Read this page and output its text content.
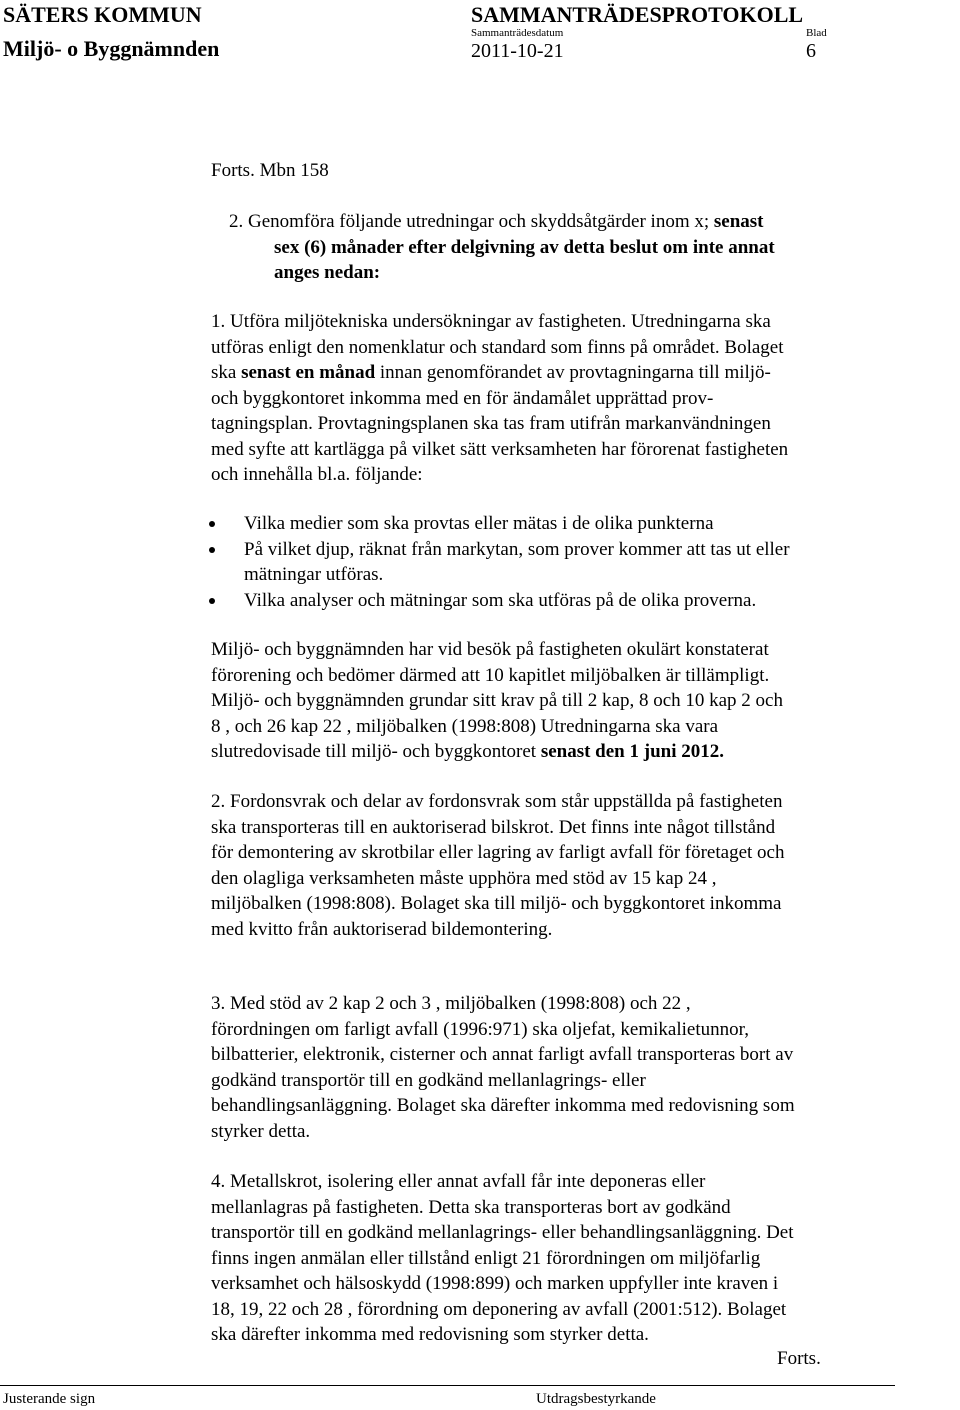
SÄTERS KOMMUN
Miljö- o Byggnämnden
SAMMANTRÄDESPROTOKOLL
Sammanträdesdatum
2011-10-21
Blad
6
Forts. Mbn 158
2. Genomföra följande utredningar och skyddsåtgärder inom x; senast
sex (6) månader efter delgivning av detta beslut om inte annat
anges nedan:
1. Utföra miljötekniska undersökningar av fastigheten. Utredningarna ska
utföras enligt den nomenklatur och standard som finns på området. Bolaget
ska senast en månad innan genomförandet av provtagningarna till miljö-
och byggkontoret inkomma med en för ändamålet upprättad prov-
tagningsplan. Provtagningsplanen ska tas fram utifrån markanvändningen
med syfte att kartlägga på vilket sätt verksamheten har förorenat fastigheten
och innehålla bl.a. följande:
Vilka medier som ska provtas eller mätas i de olika punkterna
På vilket djup, räknat från markytan, som prover kommer att tas ut eller
mätningar utföras.
Vilka analyser och mätningar som ska utföras på de olika proverna.
Miljö- och byggnämnden har vid besök på fastigheten okulärt konstaterat
förorening och bedömer därmed att 10 kapitlet miljöbalken är tillämpligt.
Miljö- och byggnämnden grundar sitt krav på till 2 kap, 8 och 10 kap 2 och
8 , och 26 kap 22 , miljöbalken (1998:808) Utredningarna ska vara
slutredovisade till miljö- och byggkontoret senast den 1 juni 2012.
2. Fordonsvrak och delar av fordonsvrak som står uppställda på fastigheten
ska transporteras till en auktoriserad bilskrot. Det finns inte något tillstånd
för demontering av skrotbilar eller lagring av farligt avfall för företaget och
den olagliga verksamheten måste upphöra med stöd av 15 kap 24 ,
miljöbalken (1998:808). Bolaget ska till miljö- och byggkontoret inkomma
med kvitto från auktoriserad bildemontering.
3. Med stöd av 2 kap 2 och 3 , miljöbalken (1998:808) och 22 ,
förordningen om farligt avfall (1996:971) ska oljefat, kemikalietunnor,
bilbatterier, elektronik, cisterner och annat farligt avfall transporteras bort av
godkänd transportör till en godkänd mellanlagrings- eller
behandlingsanläggning. Bolaget ska därefter inkomma med redovisning som
styrker detta.
4. Metallskrot, isolering eller annat avfall får inte deponeras eller
mellanlagras på fastigheten. Detta ska transporteras bort av godkänd
transportör till en godkänd mellanlagrings- eller behandlingsanläggning. Det
finns ingen anmälan eller tillstånd enligt 21 förordningen om miljöfarlig
verksamhet och hälsoskydd (1998:899) och marken uppfyller inte kraven i
18, 19, 22 och 28 , förordning om deponering av avfall (2001:512). Bolaget
ska därefter inkomma med redovisning som styrker detta.
Forts.
Justerande sign	Utdragsbestyrkande
